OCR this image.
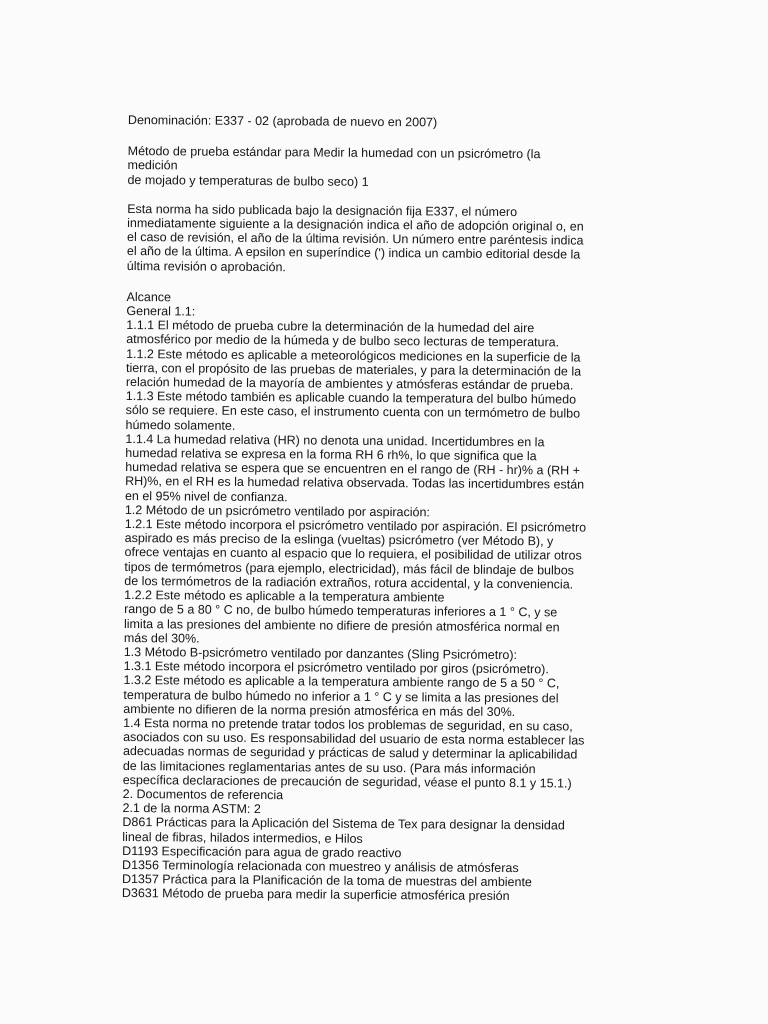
Denominación: E337 - 02 (aprobada de nuevo en 2007)
Método de prueba estándar para Medir la humedad con un psicrómetro (la
medición
de mojado y temperaturas de bulbo seco) 1
Esta norma ha sido publicada bajo la designación fija E337, el número
inmediatamente siguiente a la designación indica el año de adopción original o, en
el caso de revisión, el año de la última revisión. Un número entre paréntesis indica
el año de la última. A epsilon en superíndice (') indica un cambio editorial desde la
última revisión o aprobación.
Alcance
General 1.1:
1.1.1 El método de prueba cubre la determinación de la humedad del aire
atmosférico por medio de la húmeda y de bulbo seco lecturas de temperatura.
1.1.2 Este método es aplicable a meteorológicos mediciones en la superficie de la
tierra, con el propósito de las pruebas de materiales, y para la determinación de la
relación humedad de la mayoría de ambientes y atmósferas estándar de prueba.
1.1.3 Este método también es aplicable cuando la temperatura del bulbo húmedo
sólo se requiere. En este caso, el instrumento cuenta con un termómetro de bulbo
húmedo solamente.
1.1.4 La humedad relativa (HR) no denota una unidad. Incertidumbres en la
humedad relativa se expresa en la forma RH 6 rh%, lo que significa que la
humedad relativa se espera que se encuentren en el rango de (RH - hr)% a (RH +
RH)%, en el RH es la humedad relativa observada. Todas las incertidumbres están
en el 95% nivel de confianza.
1.2 Método de un psicrómetro ventilado por aspiración:
1.2.1 Este método incorpora el psicrómetro ventilado por aspiración. El psicrómetro
aspirado es más preciso de la eslinga (vueltas) psicrómetro (ver Método B), y
ofrece ventajas en cuanto al espacio que lo requiera, el posibilidad de utilizar otros
tipos de termómetros (para ejemplo, electricidad), más fácil de blindaje de bulbos
de los termómetros de la radiación extraños, rotura accidental, y la conveniencia.
1.2.2 Este método es aplicable a la temperatura ambiente
rango de 5 a 80 ° C no, de bulbo húmedo temperaturas inferiores a 1 ° C, y se
limita a las presiones del ambiente no difiere de presión atmosférica normal en
más del 30%.
1.3 Método B-psicrómetro ventilado por danzantes (Sling Psicrómetro):
1.3.1 Este método incorpora el psicrómetro ventilado por giros (psicrómetro).
1.3.2 Este método es aplicable a la temperatura ambiente rango de 5 a 50 ° C,
temperatura de bulbo húmedo no inferior a 1 ° C y se limita a las presiones del
ambiente no difieren de la norma presión atmosférica en más del 30%.
1.4 Esta norma no pretende tratar todos los problemas de seguridad, en su caso,
asociados con su uso. Es responsabilidad del usuario de esta norma establecer las
adecuadas normas de seguridad y prácticas de salud y determinar la aplicabilidad
de las limitaciones reglamentarias antes de su uso. (Para más información
específica declaraciones de precaución de seguridad, véase el punto 8.1 y 15.1.)
2. Documentos de referencia
2.1 de la norma ASTM: 2
D861 Prácticas para la Aplicación del Sistema de Tex para designar la densidad
lineal de fibras, hilados intermedios, e Hilos
D1193 Especificación para agua de grado reactivo
D1356 Terminología relacionada con muestreo y análisis de atmósferas
D1357 Práctica para la Planificación de la toma de muestras del ambiente
D3631 Método de prueba para medir la superficie atmosférica presión
